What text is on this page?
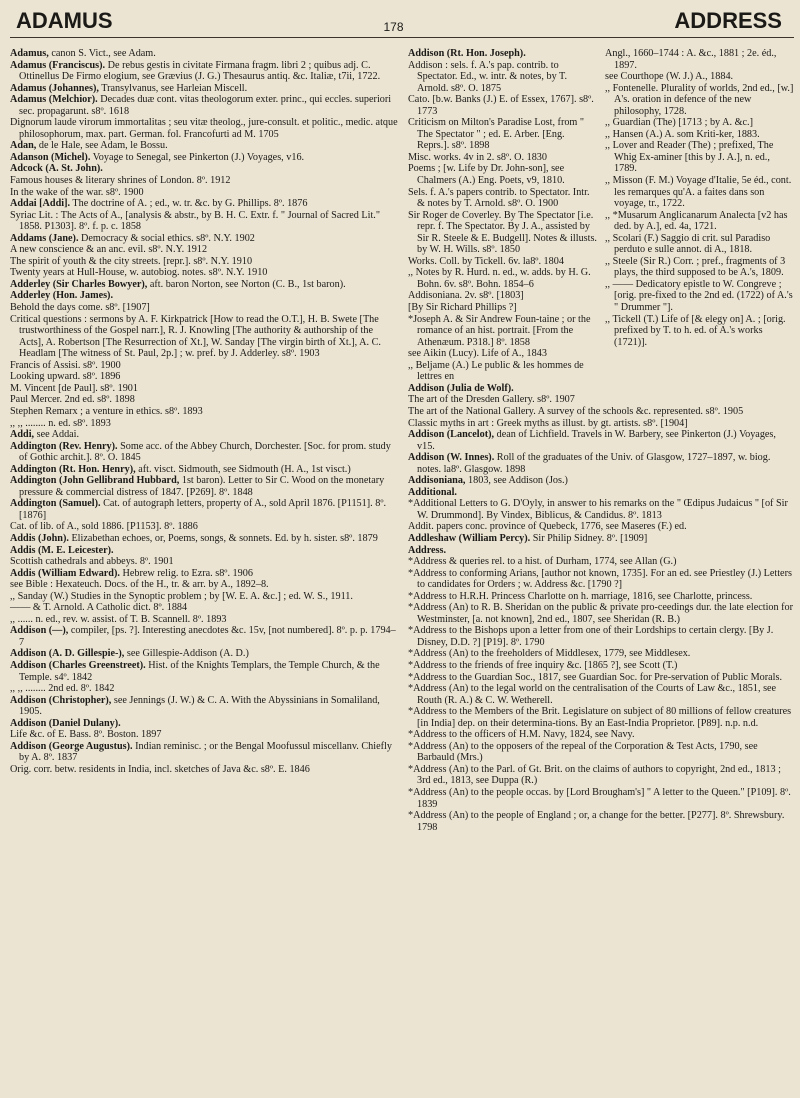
ADAMUS	178	ADDRESS

Adamus, canon S. Vict., see Adam.

Adamus (Franciscus). De rebus gestis in civitate Firmana fragm. libri 2 ; quibus adj. C. Ottinellus De Firmo elogium, see Grævius (J. G.) Thesaurus antiq. &c. Italiæ, t7ii, 1722.

Adamus (Johannes), Transylvanus, see Harleian Miscell.

Adamus (Melchior). Decades duæ cont. vitas theologorum exter. princ., qui eccles. superiori sec. propagarunt. s8º. 1618

Dignorum laude virorum immortalitas ; seu vitæ theolog., jure-consult. et politic., medic. atque philosophorum, max. part. German. fol. Francofurti ad M. 1705

Adan, de le Hale, see Adam, le Bossu.

Adanson (Michel). Voyage to Senegal, see Pinkerton (J.) Voyages, v16.

Adcock (A. St. John).

Famous houses & literary shrines of London. 8º. 1912

In the wake of the war. s8º. 1900

Addai [Addi]. The doctrine of A. ; ed., w. tr. &c. by G. Phillips. 8º. 1876

Syriac Lit. : The Acts of A., [analysis & abstr., by B. H. C. Extr. f. " Journal of Sacred Lit." 1858. P1303]. 8º. f. p. c. 1858

Addams (Jane). Democracy & social ethics. s8º. N.Y. 1902

A new conscience & an anc. evil. s8º. N.Y. 1912

The spirit of youth & the city streets. [repr.]. s8º. N.Y. 1910

Twenty years at Hull-House, w. autobiog. notes. s8º. N.Y. 1910

Adderley (Sir Charles Bowyer), aft. baron Norton, see Norton (C. B., 1st baron).

Adderley (Hon. James).

Behold the days come. s8º. [1907]

Critical questions : sermons by A. F. Kirkpatrick [How to read the O.T.], H. B. Swete [The trustworthiness of the Gospel narr.], R. J. Knowling [The authority & authorship of the Acts], A. Robertson [The Resurrection of Xt.], W. Sanday [The virgin birth of Xt.], A. C. Headlam [The witness of St. Paul, 2p.] ; w. pref. by J. Adderley. s8º. 1903

Francis of Assisi. s8º. 1900

Looking upward. s8º. 1896

M. Vincent [de Paul]. s8º. 1901

Paul Mercer. 2nd ed. s8º. 1898

Stephen Remarx ; a venture in ethics. s8º. 1893

,, ,, ........ n. ed. s8º. 1893

Addi, see Addai.

Addington (Rev. Henry). Some acc. of the Abbey Church, Dorchester. [Soc. for prom. study of Gothic archit.]. 8º. O. 1845

Addington (Rt. Hon. Henry), aft. visct. Sidmouth, see Sidmouth (H. A., 1st visct.)

Addington (John Gellibrand Hubbard, 1st baron). Letter to Sir C. Wood on the monetary pressure & commercial distress of 1847. [P269]. 8º. 1848

Addington (Samuel). Cat. of autograph letters, property of A., sold April 1876. [P1151]. 8º. [1876]

Cat. of lib. of A., sold 1886. [P1153]. 8º. 1886

Addis (John). Elizabethan echoes, or, Poems, songs, & sonnets. Ed. by h. sister. s8º. 1879

Addis (M. E. Leicester).

Scottish cathedrals and abbeys. 8º. 1901

Addis (William Edward). Hebrew relig. to Ezra. s8º. 1906

see Bible : Hexateuch. Docs. of the H., tr. & arr. by A., 1892–8.

,, Sanday (W.) Studies in the Synoptic problem ; by [W. E. A. &c.] ; ed. W. S., 1911.

—— & T. Arnold. A Catholic dict. 8º. 1884

,, ...... n. ed., rev. w. assist. of T. B. Scannell. 8º. 1893

Addison (—), compiler, [ps. ?]. Interesting anecdotes &c. 15v, [not numbered]. 8º. p. p. 1794–7

Addison (A. D. Gillespie-), see Gillespie-Addison (A. D.)

Addison (Charles Greenstreet). Hist. of the Knights Templars, the Temple Church, & the Temple. s4º. 1842

,, ,, ........ 2nd ed. 8º. 1842

Addison (Christopher), see Jennings (J. W.) & C. A. With the Abyssinians in Somaliland, 1905.

Addison (Daniel Dulany).

Life &c. of E. Bass. 8º. Boston. 1897

Addison (George Augustus). Indian reminisc. ; or the Bengal Moofussul miscellanv. Chiefly by A. 8º. 1837

Orig. corr. betw. residents in India, incl. sketches of Java &c. s8º. E. 1846

Addison (Rt. Hon. Joseph).

Addison : sels. f. A.'s pap. contrib. to Spectator. Ed., w. intr. & notes, by T. Arnold. s8º. O. 1875

Cato. [b.w. Banks (J.) E. of Essex, 1767]. s8º. 1773

Criticism on Milton's Paradise Lost, from " The Spectator " ; ed. E. Arber. [Eng. Reprs.]. s8º. 1898

Misc. works. 4v in 2. s8º. O. 1830

Poems ; [w. Life by Dr. John-son], see Chalmers (A.) Eng. Poets, v9, 1810.

Sels. f. A.'s papers contrib. to Spectator. Intr. & notes by T. Arnold. s8º. O. 1900

Sir Roger de Coverley. By The Spectator [i.e. repr. f. The Spectator. By J. A., assisted by Sir R. Steele & E. Budgell]. Notes & illusts. by W. H. Wills. s8º. 1850

Works. Coll. by Tickell. 6v. la8º. 1804

,, Notes by R. Hurd. n. ed., w. adds. by H. G. Bohn. 6v. s8º. Bohn. 1854–6

Addisoniana. 2v. s8º. [1803]

[By Sir Richard Phillips ?]

*Joseph A. & Sir Andrew Foun-taine ; or the romance of an hist. portrait. [From the Athenæum. P318.] 8º. 1858

see Aikin (Lucy). Life of A., 1843

,, Beljame (A.) Le public & les hommes de lettres en

Angl., 1660–1744 : A. &c., 1881 ; 2e. éd., 1897.

see Courthope (W. J.) A., 1884.

,, Fontenelle. Plurality of worlds, 2nd ed., [w.] A's. oration in defence of the new philosophy, 1728.

,, Guardian (The) [1713 ; by A. &c.]

,, Hansen (A.) A. som Kriti-ker, 1883.

,, Lover and Reader (The) ; prefixed, The Whig Ex-aminer [this by J. A.], n. ed., 1789.

,, Misson (F. M.) Voyage d'Italie, 5e éd., cont. les remarques qu'A. a faites dans son voyage, tr., 1722.

,, *Musarum Anglicanarum Analecta [v2 has ded. by A.], ed. 4a, 1721.

,, Scolari (F.) Saggio di crit. sul Paradiso perduto e sulle annot. di A., 1818.

,, Steele (Sir R.) Corr. ; pref., fragments of 3 plays, the third supposed to be A.'s, 1809.

,, —— Dedicatory epistle to W. Congreve ; [orig. pre-fixed to the 2nd ed. (1722) of A.'s " Drummer "].

,, Tickell (T.) Life of [& elegy on] A. ; [orig. prefixed by T. to h. ed. of A.'s works (1721)].

Addison (Julia de Wolf).

The art of the Dresden Gallery. s8º. 1907

The art of the National Gallery. A survey of the schools &c. represented. s8º. 1905

Classic myths in art : Greek myths as illust. by gt. artists. s8º. [1904]

Addison (Lancelot), dean of Lichfield. Travels in W. Barbery, see Pinkerton (J.) Voyages, v15.

Addison (W. Innes). Roll of the graduates of the Univ. of Glasgow, 1727–1897, w. biog. notes. la8º. Glasgow. 1898

Addisoniana, 1803, see Addison (Jos.)

Additional.

*Additional Letters to G. D'Oyly, in answer to his remarks on the " Œdipus Judaicus " [of Sir W. Drummond]. By Vindex, Biblicus, & Candidus. 8º. 1813

Addit. papers conc. province of Quebeck, 1776, see Maseres (F.) ed.

Addleshaw (William Percy). Sir Philip Sidney. 8º. [1909]

Address.

*Address & queries rel. to a hist. of Durham, 1774, see Allan (G.)

*Address to conforming Arians, [author not known, 1735]. For an ed. see Priestley (J.) Letters to candidates for Orders ; w. Address &c. [1790 ?]

*Address to H.R.H. Princess Charlotte on h. marriage, 1816, see Charlotte, princess.

*Address (An) to R. B. Sheridan on the public & private pro-ceedings dur. the late election for Westminster, [a. not known], 2nd ed., 1807, see Sheridan (R. B.)

*Address to the Bishops upon a letter from one of their Lordships to certain clergy. [By J. Disney, D.D. ?] [P19]. 8º. 1790

*Address (An) to the freeholders of Middlesex, 1779, see Middlesex.

*Address to the friends of free inquiry &c. [1865 ?], see Scott (T.)

*Address to the Guardian Soc., 1817, see Guardian Soc. for Pre-servation of Public Morals.

*Address (An) to the legal world on the centralisation of the Courts of Law &c., 1851, see Routh (R. A.) & C. W. Wetherell.

*Address to the Members of the Brit. Legislature on subject of 80 millions of fellow creatures [in India] dep. on their determina-tions. By an East-India Proprietor. [P89]. n.p. n.d.

*Address to the officers of H.M. Navy, 1824, see Navy.

*Address (An) to the opposers of the repeal of the Corporation & Test Acts, 1790, see Barbauld (Mrs.)

*Address (An) to the Parl. of Gt. Brit. on the claims of authors to copyright, 2nd ed., 1813 ; 3rd ed., 1813, see Duppa (R.)

*Address (An) to the people occas. by [Lord Brougham's] " A letter to the Queen." [P109]. 8º. 1839

*Address (An) to the people of England ; or, a change for the better. [P277]. 8º. Shrewsbury. 1798
